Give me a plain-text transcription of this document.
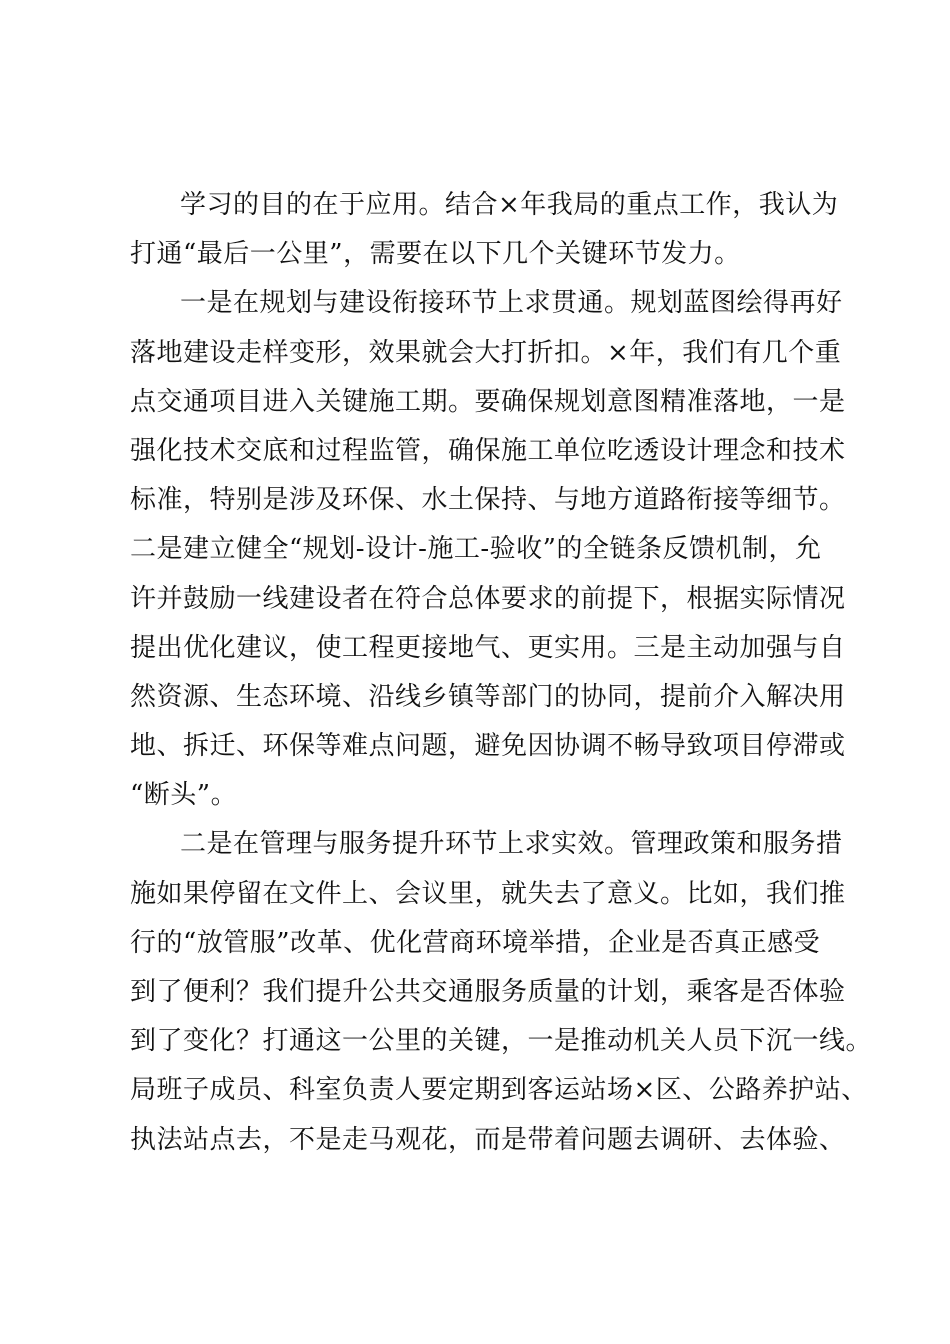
学习的目的在于应用。结合×年我局的重点工作，我认为
打通“最后一公里”，需要在以下几个关键环节发力。
一是在规划与建设衔接环节上求贯通。规划蓝图绘得再好
落地建设走样变形，效果就会大打折扣。×年，我们有几个重
点交通项目进入关键施工期。要确保规划意图精准落地，一是
强化技术交底和过程监管，确保施工单位吃透设计理念和技术
标准，特别是涉及环保、水土保持、与地方道路衔接等细节。
二是建立健全“规划-设计-施工-验收”的全链条反馈机制，允
许并鼓励一线建设者在符合总体要求的前提下，根据实际情况
提出优化建议，使工程更接地气、更实用。三是主动加强与自
然资源、生态环境、沿线乡镇等部门的协同，提前介入解决用
地、拆迁、环保等难点问题，避免因协调不畅导致项目停滞或
“断头”。
二是在管理与服务提升环节上求实效。管理政策和服务措
施如果停留在文件上、会议里，就失去了意义。比如，我们推
行的“放管服”改革、优化营商环境举措，企业是否真正感受
到了便利？我们提升公共交通服务质量的计划，乘客是否体验
到了变化？打通这一公里的关键，一是推动机关人员下沉一线。
局班子成员、科室负责人要定期到客运站场×区、公路养护站、
执法站点去，不是走马观花，而是带着问题去调研、去体验、
